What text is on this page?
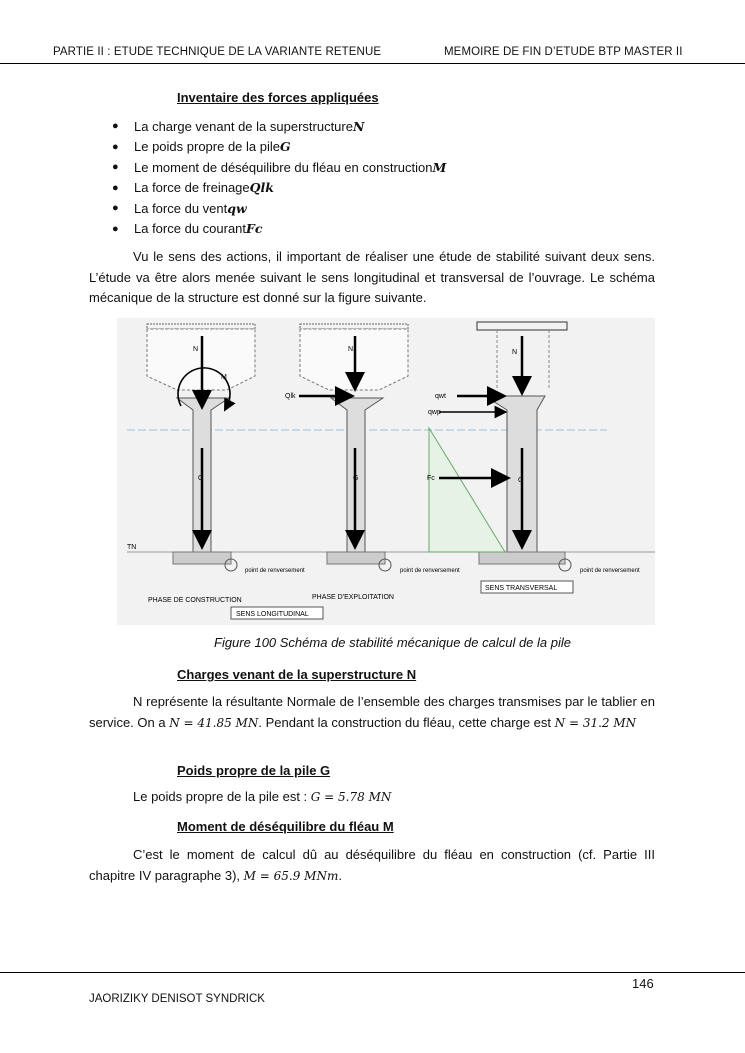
PARTIE II : ETUDE TECHNIQUE DE LA VARIANTE RETENUE	MEMOIRE DE FIN D’ETUDE BTP MASTER II
Inventaire des forces appliquées
●	La charge venant de la superstructure N
●	Le poids propre de la pile G
●	Le moment de déséquilibre du fléau en construction M
●	La force de freinage Qlk
●	La force du vent qw
●	La force du courant Fc
Vu le sens des actions, il important de réaliser une étude de stabilité suivant deux sens. L’étude va être alors menée suivant le sens longitudinal et transversal de l’ouvrage. Le schéma mécanique de la structure est donné sur la figure suivante.
TN
N
M
G
point de renversement
N
Qlk
G
point de renversement
N
qwt
qwp
Fc	G
point de renversement
PHASE DE CONSTRUCTION	PHASE D'EXPLOITATION
SENS LONGITUDINAL
SENS TRANSVERSAL
Figure 100 Schéma de stabilité mécanique de calcul de la pile
Charges venant de la superstructure N
N représente la résultante Normale de l’ensemble des charges transmises par le tablier en service. On a N = 41.85 MN. Pendant la construction du fléau, cette charge est N = 31.2 MN
Poids propre de la pile G
Le poids propre de la pile est : G = 5.78 MN
Moment de déséquilibre du fléau M
C’est le moment de calcul dû au déséquilibre du fléau en construction (cf. Partie III chapitre IV paragraphe 3), M = 65.9 MNm.
146
JAORIZIKY DENISOT SYNDRICK
